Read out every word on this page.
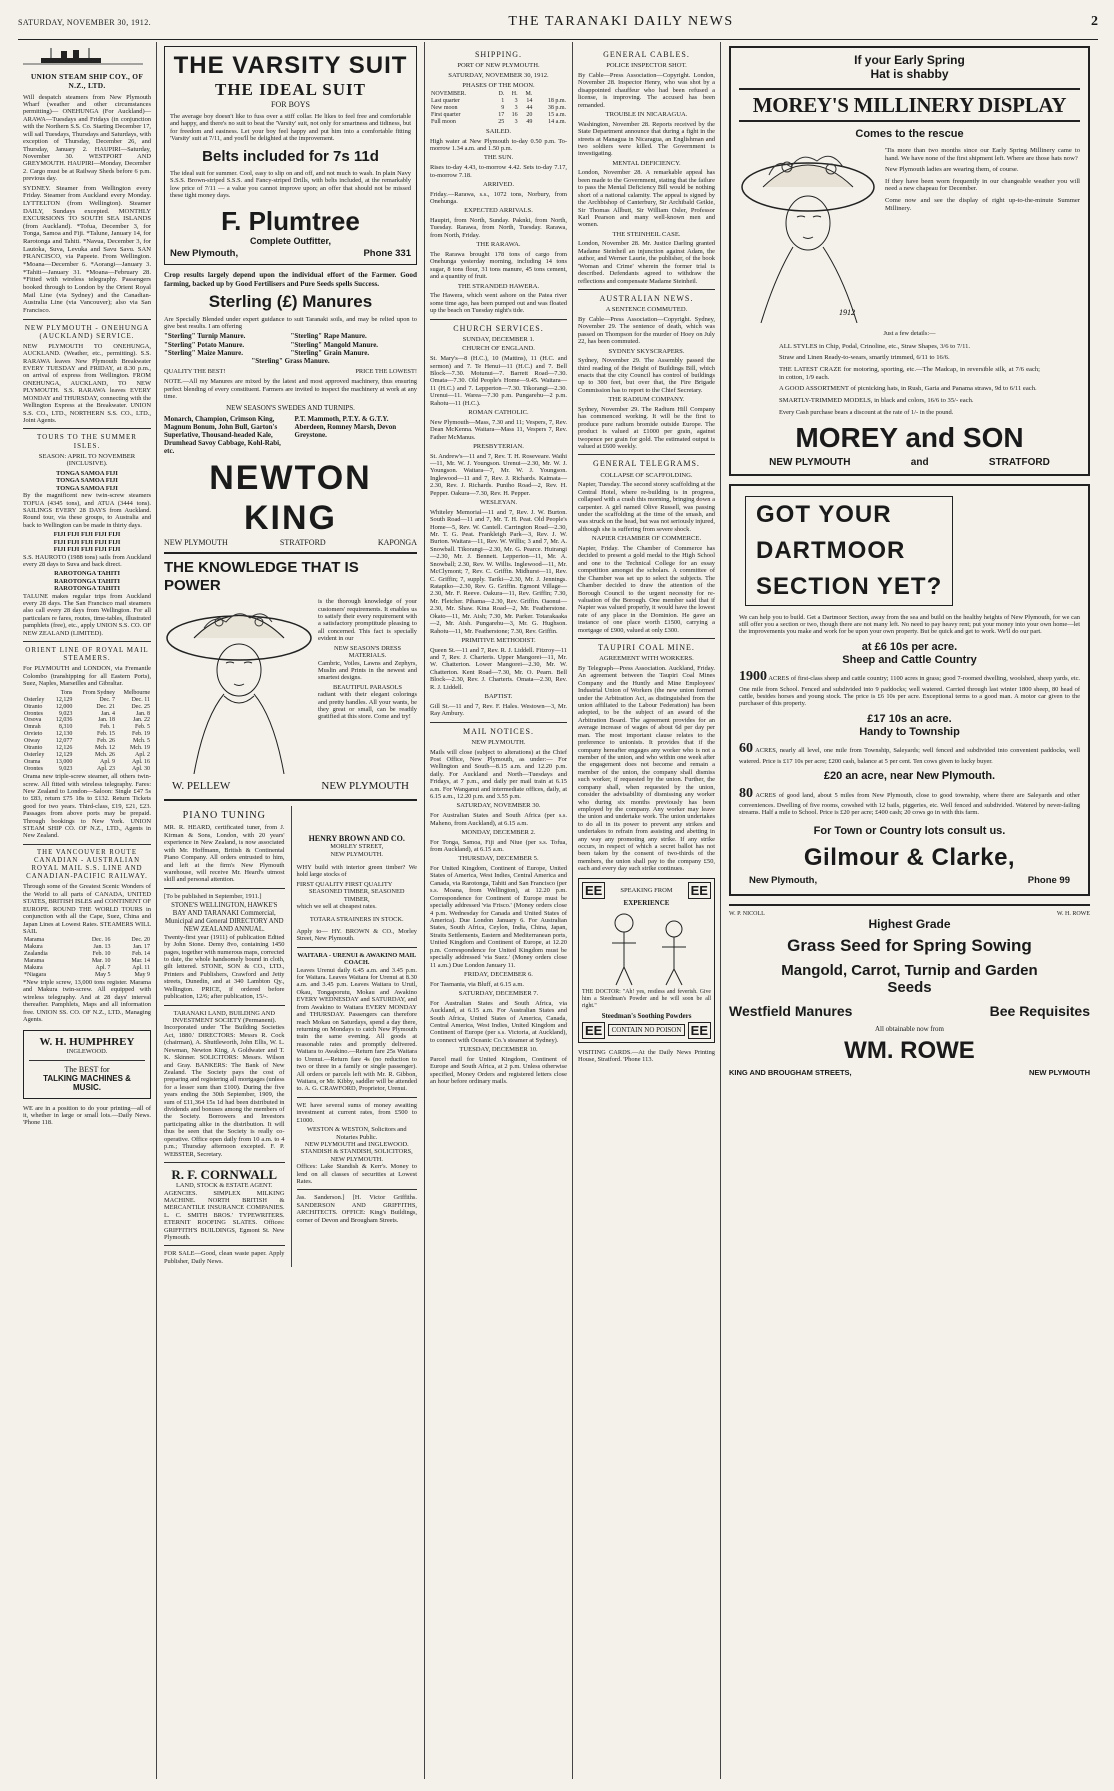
SATURDAY, NOVEMBER 30, 1912.	THE TARANAKI DAILY NEWS	2
UNION STEAM SHIP COY., OF N.Z., LTD.

Will despatch steamers from New Plymouth Wharf (weather and other circumstances permitting)— ONEHUNGA (For Auckland)— ARAWA—Tuesdays and Fridays (in conjunction with the Northern S.S. Co. Starting December 17, will sail Tuesdays, Thursdays and Saturdays, with exception of Thursday, December 26, and Thursday, January 2. HAUPIRI—Saturday, November 30. WESTPORT AND GREYMOUTH. HAUPIRI—Monday, December 2. Cargo must be at Railway Sheds before 6 p.m. previous day.

SYDNEY. Steamer from Wellington every Friday. Steamer from Auckland every Monday. LYTTELTON (from Wellington). Steamer DAILY, Sundays excepted. MONTHLY EXCURSIONS TO SOUTH SEA ISLANDS (from Auckland). *Tofua, December 3, for Tonga, Samoa and Fiji. *Talune, January 14, for Rarotonga and Tahiti. *Navua, December 3, for Lautoka, Suva, Levuka and Savu Savu. SAN FRANCISCO, via Papeete. From Wellington. *Moana—December 6. *Aorangi—January 3. *Tahiti—January 31. *Moana—February 28. *Fitted with wireless telegraphy. Passengers booked through to London by the Orient Royal Mail Line (via Sydney) and the Canadian-Australia Line (via Vancouver); also via San Francisco.
NEW PLYMOUTH - ONEHUNGA (AUCKLAND) SERVICE.

NEW PLYMOUTH TO ONEHUNGA, AUCKLAND. (Weather, etc., permitting). S.S. RARAWA leaves New Plymouth Breakwater EVERY TUESDAY and FRIDAY, at 8.30 p.m., on arrival of express from Wellington. FROM ONEHUNGA, AUCKLAND, TO NEW PLYMOUTH. S.S. RARAWA leaves EVERY MONDAY and THURSDAY, connecting with the Wellington Express at the Breakwater. UNION S.S. CO., LTD., NORTHERN S.S. CO., LTD., Joint Agents.

TOURS TO THE SUMMER ISLES.
SEASON: APRIL TO NOVEMBER (INCLUSIVE).
TONGA SAMOA FIJI
TONGA SAMOA FIJI
TONGA SAMOA FIJI

By the magnificent new twin-screw steamers TOFUA (4345 tons), and ATUA (3444 tons). SAILINGS EVERY 28 DAYS from Auckland. Round tour, via these groups, to Australia and back to Wellington can be made in thirty days.

FIJI FIJI FIJI FIJI FIJI
FIJI FIJI FIJI FIJI FIJI
FIJI FIJI FIJI FIJI FIJI

S.S. HAUROTO (1988 tons) sails from Auckland every 28 days to Suva and back direct.

RAROTONGA TAHITI
RAROTONGA TAHITI
RAROTONGA TAHITI

TALUNE makes regular trips from Auckland every 28 days. The San Francisco mail steamers also call every 28 days from Wellington. For all particulars re fares, routes, time-tables, illustrated pamphlets (free), etc., apply UNION S.S. CO. OF NEW ZEALAND (LIMITED).

ORIENT LINE OF ROYAL MAIL STEAMERS.

For PLYMOUTH and LONDON, via Fremantle Colombo (transhipping for all Eastern Ports), Suez, Naples, Marseilles and Gibraltar.

	Tons	From Sydney	Melbourne
Osterley	12,129	Dec. 7	Dec. 11
Otranto	12,000	Dec. 21	Dec. 25
Orontes	9,023	Jan. 4	Jan. 8
Orsova	12,036	Jan. 18	Jan. 22
Omrah	8,310	Feb. 1	Feb. 5
Orvieto	12,130	Feb. 15	Feb. 19
Otway	12,077	Feb. 26	Mch. 5
Otranto	12,126	Mch. 12	Mch. 19
Osterley	12,129	Mch. 26	Apl. 2
Orama	13,000	Apl. 9	Apl. 16
Orontes	9,023	Apl. 23	Apl. 30

Orama new triple-screw steamer, all others twin-screw. All fitted with wireless telegraphy. Fares: New Zealand to London—Saloon: Single £47 5s to £83, return £75 18s to £132. Return Tickets good for two years. Third-class, £19, £21, £23. Passages from above ports may be prepaid. Through bookings to New York. UNION STEAM SHIP CO. OF N.Z., LTD., Agents in New Zealand.

THE VANCOUVER ROUTE CANADIAN - AUSTRALIAN ROYAL MAIL S.S. LINE AND CANADIAN-PACIFIC RAILWAY.

Through some of the Greatest Scenic Wonders of the World to all parts of CANADA, UNITED STATES, BRITISH ISLES and CONTINENT OF EUROPE. ROUND THE WORLD TOURS in conjunction with all the Cape, Suez, China and Japan Lines at Lowest Rates. STEAMERS WILL SAIL

Marama	Dec. 16	Dec. 20
Makura	Jan. 13	Jan. 17
Zealandia	Feb. 10	Feb. 14
Marama	Mar. 10	Mar. 14
Makura	Apl. 7	Apl. 11
*Niagara	May 5	May 9

*New triple screw, 13,000 tons register. Marama and Makura twin-screw. All equipped with wireless telegraphy. And at 28 days' interval thereafter. Pamphlets, Maps and all information free. UNION SS. CO. OF N.Z., LTD., Managing Agents.

W. H. HUMPHREY
INGLEWOOD.
The BEST for
TALKING MACHINES & MUSIC.

WE are in a position to do your printing—all of it, whether in large or small lots.—Daily News. 'Phone 118.

THE VARSITY SUIT
THE IDEAL SUIT
FOR BOYS

The average boy doesn't like to fuss over a stiff collar. He likes to feel free and comfortable and happy, and there's no suit to beat the 'Varsity' suit, not only for smartness and tidiness, but for freedom and easiness. Let your boy feel happy and put him into a comfortable fitting 'Varsity' suit at 7/11, and you'll be delighted at the improvement.

Belts included for 7s 11d

The ideal suit for summer. Cool, easy to slip on and off, and not much to wash. In plain Navy S.S.S. Brown-striped S.S.S. and Fancy-striped Drills, with belts included, at the remarkably low price of 7/11 — a value you cannot improve upon; an offer that should not be missed these tight money days.

F. Plumtree
Complete Outfitter,
New Plymouth,	Phone 331

Crop results largely depend upon the individual effort of the Farmer. Good farming, backed up by Good Fertilisers and Pure Seeds spells Success.

Sterling (£) Manures

Are Specially Blended under expert guidance to suit Taranaki soils, and may be relied upon to give best results. I am offering

"Sterling" Turnip Manure.	"Sterling" Rape Manure.
"Sterling" Potato Manure.	"Sterling" Mangold Manure.
"Sterling" Maize Manure.	"Sterling" Grain Manure.
"Sterling" Grass Manure.
QUALITY THE BEST!	PRICE THE LOWEST!

NOTE.—All my Manures are mixed by the latest and most approved machinery, thus ensuring perfect blending of every constituent. Farmers are invited to inspect the machinery at work at any time.

NEW SEASON'S SWEDES AND TURNIPS.
Monarch, Champion, Crimson King, Magnum Bonum, John Bull, Garton's Superlative, Thousand-headed Kale, Drumhead Savoy Cabbage, Kohl-Rabi, etc.
P.T. Mammoth, P.T.Y. & G.T.Y. Aberdeen, Romney Marsh, Devon Greystone.
NEWTON KING
NEW PLYMOUTH	STRATFORD	KAPONGA
THE KNOWLEDGE THAT IS POWER

is the thorough knowledge of your customers' requirements. It enables us to satisfy their every requirement with a satisfactory promptitude pleasing to all concerned. This fact is specially evident in our

NEW SEASON'S DRESS MATERIALS.

Cambric, Voiles, Lawns and Zephyrs, Muslin and Prints in the newest and smartest designs.

BEAUTIFUL PARASOLS

radiant with their elegant colorings and pretty handles. All your wants, be they great or small, can be readily gratified at this store. Come and try!

W. PELLEW	NEW PLYMOUTH
PIANO TUNING

MR. R. HEARD, certificated tuner, from J. Kirman & Sons, London, with 20 years' experience in New Zealand, is now associated with Mr. Hoffmann, British & Continental Piano Company. All orders entrusted to him, and left at the firm's New Plymouth warehouse, will receive Mr. Heard's utmost skill and personal attention.

[To be published in September, 1911.]

STONE'S WELLINGTON, HAWKE'S BAY AND TARANAKI Commercial, Municipal and General DIRECTORY AND NEW ZEALAND ANNUAL.

Twenty-first year (1911) of publication Edited by John Stone. Demy 8vo, containing 1450 pages, together with numerous maps, corrected to date, the whole handsomely bound in cloth, gilt lettered. STONE, SON & CO., LTD., Printers and Publishers, Crawford and Jetty streets, Dunedin, and at 340 Lambton Qy., Wellington. PRICE, if ordered before publication, 12/6; after publication, 15/-.

TARANAKI LAND, BUILDING AND INVESTMENT SOCIETY (Permanent).

Incorporated under 'The Building Societies Act, 1880.' DIRECTORS: Messrs R. Cock (chairman), A. Shuttleworth, John Ellis, W. L. Newman, Newton King, A Goldwater and T. K. Skinner. SOLICITORS: Messrs. Wilson and Gray. BANKERS: The Bank of New Zealand. The Society pays the cost of preparing and registering all mortgages (unless for a lesser sum than £100). During the five years ending the 30th September, 1909, the sum of £11,364 15s 1d had been distributed in dividends and bonuses among the members of the Society. Borrowers and Investors participating alike in the distribution. It will thus be seen that the Society is really co-operative. Office open daily from 10 a.m. to 4 p.m.; Thursday afternoon excepted. F. P. WEBSTER, Secretary.

R. F. CORNWALL
LAND, STOCK & ESTATE AGENT.

AGENCIES. SIMPLEX MILKING MACHINE. NORTH BRITISH & MERCANTILE INSURANCE COMPANIES. L. C. SMITH BROS.' TYPEWRITERS. ETERNIT ROOFING SLATES. Offices: GRIFFITH'S BUILDINGS, Egmont St. New Plymouth.

FOR SALE—Good, clean waste paper. Apply Publisher, Daily News.

HENRY BROWN AND CO.
MORLEY STREET,
NEW PLYMOUTH.

WHY build with interior green timber? We hold large stocks of

FIRST QUALITY FIRST QUALITY
SEASONED TIMBER, SEASONED TIMBER,

which we sell at cheapest rates.

TOTARA STRAINERS IN STOCK.

Apply to— HY. BROWN & CO., Morley Street, New Plymouth.

WAITARA - URENUI & AWAKINO MAIL COACH.

Leaves Urenui daily 6.45 a.m. and 3.45 p.m. for Waitara. Leaves Waitara for Urenui at 8.30 a.m. and 3.45 p.m. Leaves Waitara to Urutl, Okau, Tongaporutu, Mokau and Awakino EVERY WEDNESDAY and SATURDAY, and from Awakino to Waitara EVERY MONDAY and THURSDAY. Passengers can therefore reach Mokau on Saturdays, spend a day there, returning on Mondays to catch New Plymouth train the same evening. All goods at reasonable rates and promptly delivered. Waitara to Awakino.—Return fare 25s Waitara to Urenui.—Return fare 4s (no reduction to two or three in a family or single passenger). All orders or parcels left with Mr. R. Gibbon, Waitara, or Mr. Kibby, saddler will be attended to. A. G. CRAWFORD, Proprietor, Urenui.

WE have several sums of money awaiting investment at current rates, from £500 to £1000.

WESTON & WESTON, Solicitors and Notaries Public.
NEW PLYMOUTH and INGLEWOOD.
STANDISH & STANDISH, SOLICITORS, NEW PLYMOUTH.

Offices: Lake Standish & Kerr's. Money to lend on all classes of securities at Lowest Rates.

Jas. Sanderson.] [H. Victor Griffiths. SANDERSON AND GRIFFITHS, ARCHITECTS. OFFICE: King's Buildings, corner of Devon and Brougham Streets.

SHIPPING.
PORT OF NEW PLYMOUTH.
SATURDAY, NOVEMBER 30, 1912.
PHASES OF THE MOON.
NOVEMBER.	D.	H.	M.	
Last quarter	1	3	14	18 p.m.
New moon	9	3	44	38 p.m.
First quarter	17	16	20	15 a.m.
Full moon	25	3	49	14 a.m.
SAILED.

High water at New Plymouth to-day 0.50 p.m. To-morrow 1.34 a.m. and 1.50 p.m.

THE SUN.

Rises to-day 4.43, to-morrow 4.42. Sets to-day 7.17, to-morrow 7.18.

ARRIVED.

Friday.—Rarawa, s.s., 1072 tons, Norbury, from Onehunga.

EXPECTED ARRIVALS.

Haupiri, from North, Sunday. Paknki, from North, Tuesday. Rarawa, from North, Tuesday. Rarawa, from North, Friday.

THE RARAWA.

The Rarawa brought 178 tons of cargo from Onehunga yesterday morning, including 14 tons sugar, 8 tons flour, 31 tons manure, 45 tons cement, and a quantity of fruit.

THE STRANDED HAWERA.

The Hawera, which went ashore on the Patea river some time ago, has been pumped out and was floated up the beach on Tuesday night's tide.

CHURCH SERVICES.
SUNDAY, DECEMBER 1.
CHURCH OF ENGLAND.

St. Mary's—8 (H.C.), 10 (Mattins), 11 (H.C. and sermon) and 7. Te Henui—11 (H.C.) and 7. Bell Block—7.30. Motunui—7. Barrett Road—7.30. Omata—7.30. Old People's Home—9.45. Waitara—11 (H.C.) and 7. Lepperton—7.30. Tikorangi—2.30. Urenui—11. Warea—7.30 p.m. Pungarehu—2 p.m. Rahotu—11 (H.C.).

ROMAN CATHOLIC.

New Plymouth—Mass, 7.30 and 11; Vespers, 7, Rev. Dean McKenna. Waitara—Mass 11, Vespers 7, Rev. Father McManus.

PRESBYTERIAN.

St. Andrew's—11 and 7, Rev. T. H. Roseveare. Waihi—11, Mr. W. J. Youngson. Urenui—2.30, Mr. W. J. Youngson. Waitara—7, Mr. W. J. Youngson. Inglewood—11 and 7, Rev. J. Richards. Kaimata—2.30, Rev. J. Richards. Puniho Road—2, Rev. H. Pepper. Oakura—7.30, Rev. H. Pepper.

WESLEYAN.

Whiteley Memorial—11 and 7, Rev. J. W. Burton. South Road—11 and 7, Mr. T. H. Peat. Old People's Home—5, Rev. W. Cantell. Carrington Road—2.30, Mr. T. G. Peat. Frankleigh Park—3, Rev. J. W. Burton. Waitara—11, Rev. W. Willis; 3 and 7, Mr. A. Snowball. Tikorangi—2.30, Mr. G. Pearce. Huirangi—2.30, Mr. J. Bennett. Lepperton—11, Mr. A. Snowball; 2.30, Rev. W. Willis. Inglewood—11, Mr. McClymont; 7, Rev. C. Griffin. Midhurst—11, Rev. C. Griffin; 7, supply. Tariki—2.30, Mr. J. Jennings. Ratapiko—2.30, Rev. G. Griffin. Egmont Village—2.30, Mr. F. Reeve. Oakura—11, Rev. Griffin; 7.30, Mr. Fletcher. Pihama—2.30, Rev. Griffin. Oaonui—2.30, Mr. Shaw. Kina Road—2, Mr. Featherstone. Okato—11, Mr. Aish; 7.30, Mr. Parker. Totarakaaka—2, Mr. Aish. Pungarehu—3, Mr. G. Hughson. Rahotu—11, Mr. Featherstone; 7.30, Rev. Griffin.

PRIMITIVE METHODIST.

Queen St.—11 and 7, Rev. R. J. Liddell. Fitzroy—11 and 7, Rev. J. Charteris. Upper Mangorei—11, Mr. W. Chatterton. Lower Mangorei—2.30, Mr. W. Chatterton. Kent Road—7.30, Mr. O. Pearn. Bell Block—2.30, Rev. J. Charteris. Omata—2.30, Rev. R. J. Liddell.

BAPTIST.

Gill St.—11 and 7, Rev. F. Hales. Westown—3, Mr. Ray Ambury.

MAIL NOTICES.
NEW PLYMOUTH.

Mails will close (subject to alterations) at the Chief Post Office, New Plymouth, as under:— For Wellington and South—8.15 a.m. and 12.20 p.m. daily. For Auckland and North—Tuesdays and Fridays, at 7 p.m., and daily per mail train at 6.15 a.m. For Wanganui and intermediate offices, daily, at 6.15 a.m., 12.20 p.m. and 3.55 p.m.

SATURDAY, NOVEMBER 30.

For Australian States and South Africa (per s.s. Maheno, from Auckland), at 6.15 a.m.

MONDAY, DECEMBER 2.

For Tonga, Samoa, Fiji and Niue (per s.s. Tofua, from Auckland), at 6.15 a.m.

THURSDAY, DECEMBER 5.

For United Kingdom, Continent of Europe, United States of America, West Indies, Central America and Canada, via Rarotonga, Tahiti and San Francisco (per s.s. Moana, from Wellington), at 12.20 p.m. Correspondence for Continent of Europe must be specially addressed 'via Frisco.' (Money orders close 4 p.m. Wednesday for Canada and United States of America). Due London January 6. For Australian States, South Africa, Ceylon, India, China, Japan, Straits Settlements, Eastern and Mediterranean ports, United Kingdom and Continent of Europe, at 12.20 p.m. Correspondence for United Kingdom must be specially addressed 'via Suez.' (Money orders close 11 a.m.) Due London January 11.

FRIDAY, DECEMBER 6.

For Tasmania, via Bluff, at 6.15 a.m.

SATURDAY, DECEMBER 7.

For Australian States and South Africa, via Auckland, at 6.15 a.m. For Australian States and South Africa, United States of America, Canada, Central America, West Indies, United Kingdom and Continent of Europe (per s.s. Victoria, at Auckland), to connect with Oceanic Co.'s steamer at Sydney).

TUESDAY, DECEMBER 10.

Parcel mail for United Kingdom, Continent of Europe and South Africa, at 2 p.m. Unless otherwise specified, Money Orders and registered letters close an hour before ordinary mails.

GENERAL CABLES.
POLICE INSPECTOR SHOT.

By Cable—Press Association—Copyright. London, November 28. Inspector Henry, who was shot by a disappointed chauffeur who had been refused a license, is improving. The accused has been remanded.

TROUBLE IN NICARAGUA.

Washington, November 28. Reports received by the State Department announce that during a fight in the streets at Managua in Nicaragua, an Englishman and two soldiers were killed. The Government is investigating.

MENTAL DEFICIENCY.

London, November 28. A remarkable appeal has been made to the Government, stating that the failure to pass the Mental Deficiency Bill would be nothing short of a national calamity. The appeal is signed by the Archbishop of Canterbury, Sir Archibald Geikie, Sir Thomas Allbutt, Sir William Osler, Professor Karl Pearson and many well-known men and women.

THE STEINHEIL CASE.

London, November 28. Mr. Justice Darling granted Madame Steinheil an injunction against Adam, the author, and Werner Laurie, the publisher, of the book 'Woman and Crime' wherein the former trial is described. Defendants agreed to withdraw the reflections and compensate Madame Steinheil.

AUSTRALIAN NEWS.
A SENTENCE COMMUTED.

By Cable—Press Association—Copyright. Sydney, November 29. The sentence of death, which was passed on Thompson for the murder of Hoey on July 22, has been commuted.

SYDNEY SKYSCRAPERS.

Sydney, November 29. The Assembly passed the third reading of the Height of Buildings Bill, which enacts that the city Council has control of buildings up to 300 feet, but over that, the Fire Brigade Commission has to report to the Chief Secretary.

THE RADIUM COMPANY.

Sydney, November 29. The Radium Hill Company has commenced working. It will be the first to produce pure radium bromide outside Europe. The product is valued at £1000 per grain, against twopence per grain for gold. The estimated output is valued at £600 weekly.

GENERAL TELEGRAMS.
COLLAPSE OF SCAFFOLDING.

Napier, Tuesday. The second storey scaffolding at the Central Hotel, where re-building is in progress, collapsed with a crash this morning, bringing down a carpenter. A girl named Olive Russell, was passing under the scaffolding at the time of the smash, and was struck on the head, but was not seriously injured, although she is suffering from severe shock.

NAPIER CHAMBER OF COMMERCE.

Napier, Friday. The Chamber of Commerce has decided to present a gold medal to the High School and one to the Technical College for an essay competition amongst the scholars. A committee of the Chamber was set up to select the subjects. The Chamber decided to draw the attention of the Borough Council to the urgent necessity for re-valuation of the Borough. One member said that if Napier was valued properly, it would have the lowest rate of any place in the Dominion. He gave an instance of one place worth £1500, carrying a mortgage of £900, valued at only £300.

TAUPIRI COAL MINE.
AGREEMENT WITH WORKERS.

By Telegraph—Press Association. Auckland, Friday. An agreement between the Taupiri Coal Mines Company and the Huntly and Mine Employees' Industrial Union of Workers (the new union formed under the Arbitration Act, as distinguished from the union affiliated to the Labour Federation) has been adopted, to be the subject of an award of the Arbitration Board. The agreement provides for an average increase of wages of about 6d per day per man. The most important clause relates to the preference to unionists. It provides that if the company hereafter engages any worker who is not a member of the union, and who within one week after the engagement does not become and remain a member of the union, the company shall dismiss such worker, if requested by the union. Further, the company shall, when requested by the union, consider the advisability of dismissing any worker who during six months previously has been employed by the company. Any worker may leave the union and undertake work. The union undertakes to do all in its power to prevent any strikes and undertakes to refrain from assisting and abetting in any way any promoting any strike. If any strike occurs, in respect of which a secret ballot has not been taken by the consent of two-thirds of the members, the union shall pay to the company £50, each and every day such strike continues.

EE	SPEAKING FROM EE
EXPERIENCE

THE DOCTOR: "Ah! yes, restless and feverish. Give him a Steedman's Powder and he will soon be all right."

Steedman's Soothing Powders
EE	CONTAIN NO POISON EE

VISITING CARDS.—At the Daily News Printing House, Stratford. 'Phone 113.

If your Early Spring
Hat is shabby
MOREY'S MILLINERY DISPLAY
Comes to the rescue
1912

'Tis more than two months since our Early Spring Millinery came to hand. We have none of the first shipment left. Where are those hats now?

New Plymouth ladies are wearing them, of course.

If they have been worn frequently in our changeable weather you will need a new chapeau for December.

Come now and see the display of right up-to-the-minute Summer Millinery.

Just a few details:—

ALL STYLES in Chip, Podal, Crinoline, etc., Straw Shapes, 3/6 to 7/11.

Straw and Linen Ready-to-wears, smartly trimmed, 6/11 to 16/6.

THE LATEST CRAZE for motoring, sporting, etc.—The Madcap, in reversible silk, at 7/6 each; in cotton, 1/9 each.

A GOOD ASSORTMENT of picnicking hats, in Rush, Garia and Panama straws, 9d to 6/11 each.

SMARTLY-TRIMMED MODELS, in black and colors, 16/6 to 35/- each.

Every Cash purchase bears a discount at the rate of 1/- in the pound.

MOREY and SON
NEW PLYMOUTH	and	STRATFORD
GOT YOUR
DARTMOOR
SECTION YET?

We can help you to build. Get a Dartmoor Section, away from the sea and build on the healthy heights of New Plymouth, for we can still offer you a section or two, though there are not many left. No need to pay heavy rent; put your money into your own home—let the improvements you make and work for be upon your own property. But be quick and get to work. We'll do our part.

at £6 10s per acre.
Sheep and Cattle Country

1900 ACRES of first-class sheep and cattle country; 1100 acres in grass; good 7-roomed dwelling, woolshed, sheep yards, etc. One mile from School. Fenced and subdivided into 9 paddocks; well watered. Carried through last winter 1800 sheep, 80 head of cattle, besides horses and young stock. The price is £6 10s per acre. Exceptional terms to a good man. A motor car given to the purchaser of this property.

£17 10s an acre.
Handy to Township

60 ACRES, nearly all level, one mile from Township, Saleyards; well fenced and subdivided into convenient paddocks, well watered. Price is £17 10s per acre; £200 cash, balance at 5 per cent. Ten cows given to lucky buyer.

£20 an acre, near New Plymouth.

80 ACRES of good land, about 5 miles from New Plymouth, close to good township, where there are Saleyards and other conveniences. Dwelling of five rooms, cowshed with 12 bails, piggeries, etc. Well fenced and subdivided. Watered by never-failing streams. Half a mile to School. Price is £20 per acre; £400 cash; 20 cows go in with this farm.

For Town or Country lots consult us.
Gilmour & Clarke,
New Plymouth,	Phone 99
W. P. NICOLL	W. H. ROWE
Highest Grade
Grass Seed for Spring Sowing
Mangold, Carrot, Turnip and Garden Seeds
Westfield Manures	Bee Requisites
All obtainable now from
WM. ROWE
KING AND BROUGHAM STREETS,	NEW PLYMOUTH
